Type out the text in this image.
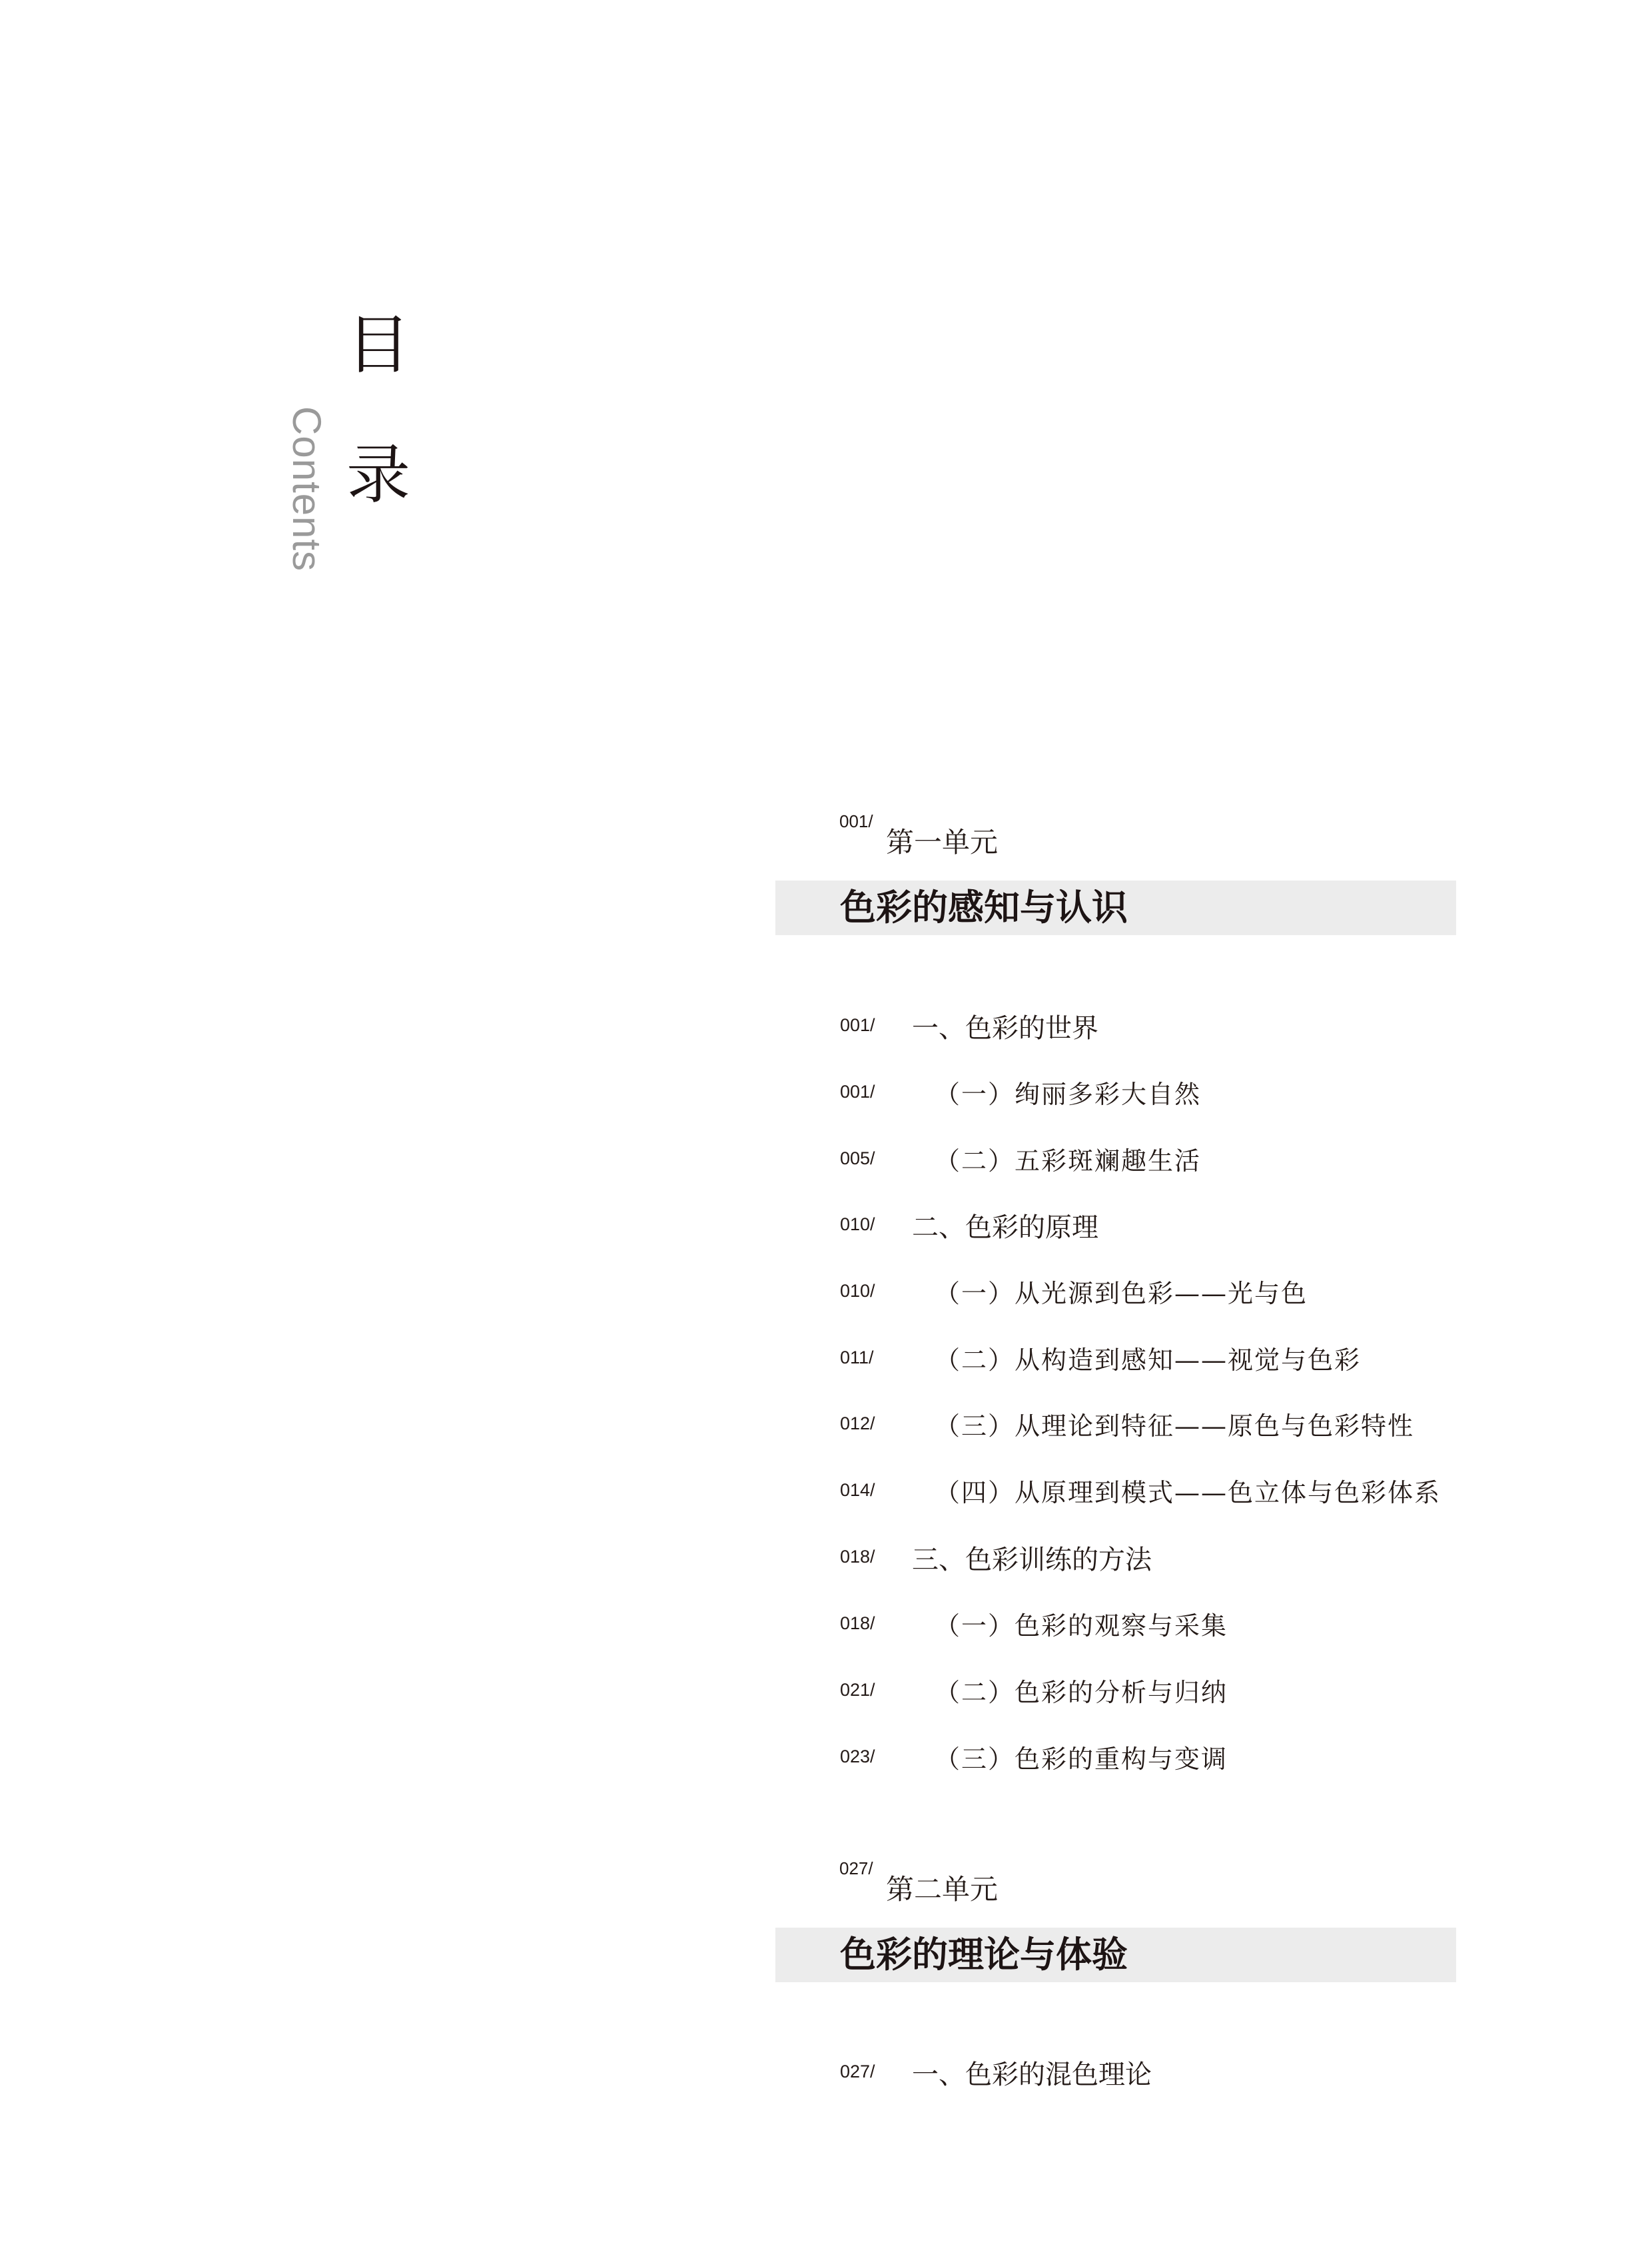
目
录
Contents
001/
第一单元
色彩的感知与认识
001/ 一、色彩的世界
001/ （一）绚丽多彩大自然
005/ （二）五彩斑斓趣生活
010/ 二、色彩的原理
010/ （一）从光源到色彩——光与色
011/ （二）从构造到感知——视觉与色彩
012/ （三）从理论到特征——原色与色彩特性
014/ （四）从原理到模式——色立体与色彩体系
018/ 三、色彩训练的方法
018/ （一）色彩的观察与采集
021/ （二）色彩的分析与归纳
023/ （三）色彩的重构与变调
027/
第二单元
色彩的理论与体验
027/ 一、色彩的混色理论
